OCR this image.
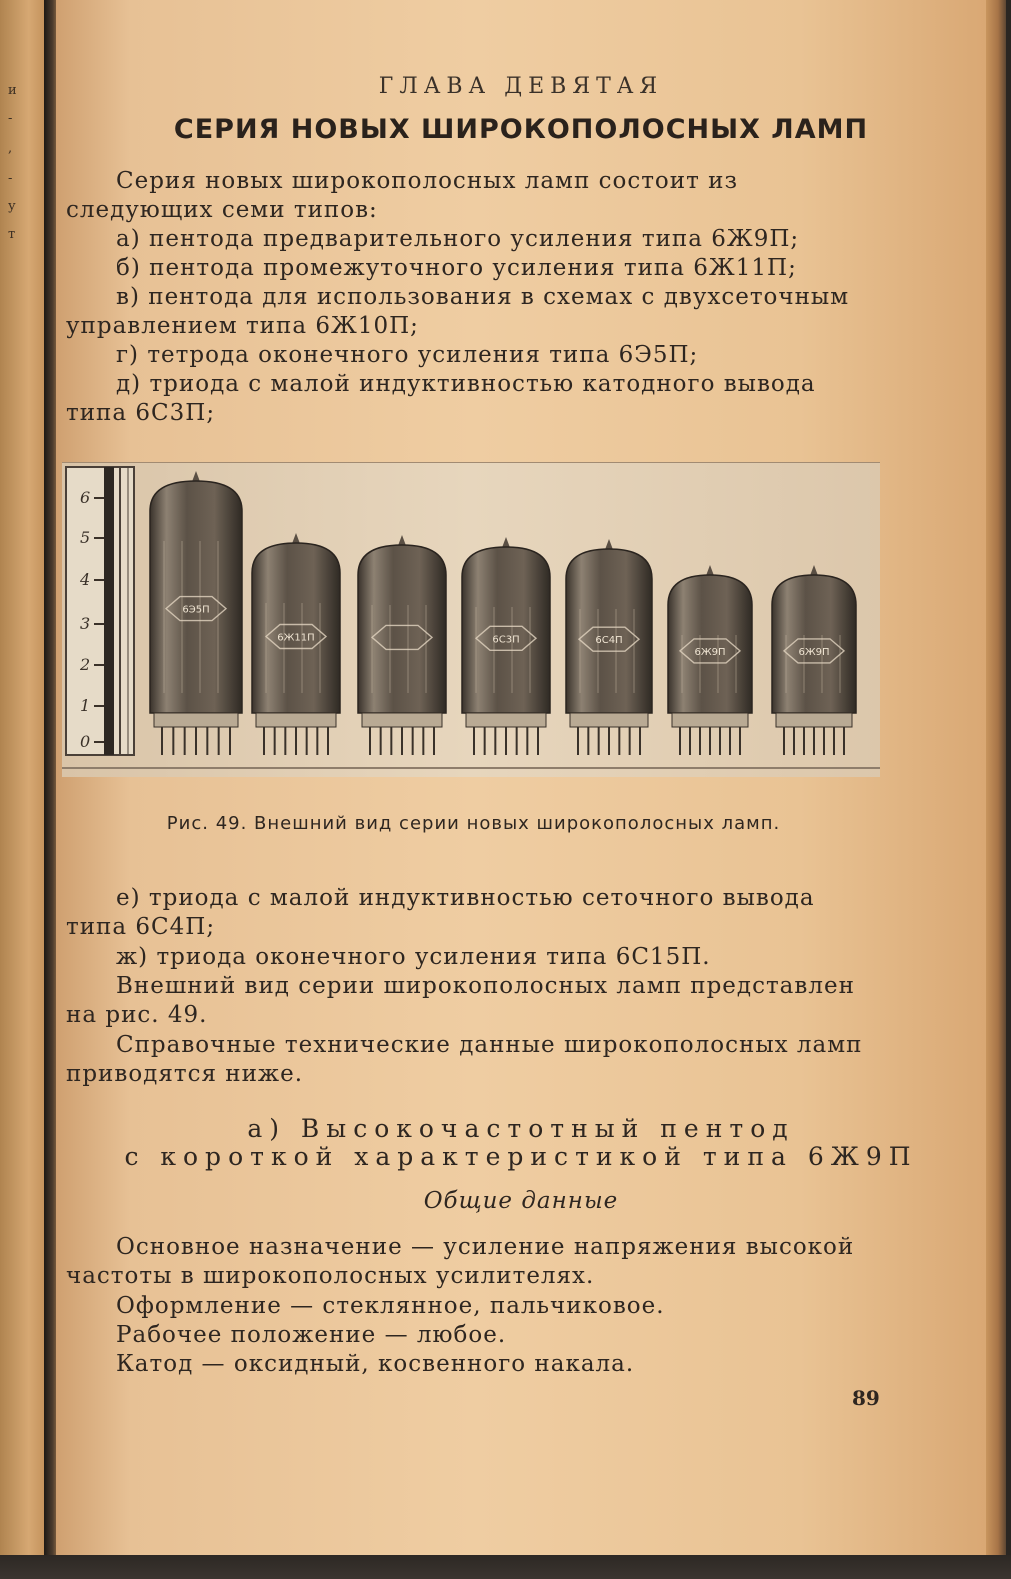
и
-
,
-
у
т
ГЛАВА ДЕВЯТАЯ
СЕРИЯ НОВЫХ ШИРОКОПОЛОСНЫХ ЛАМП

Серия новых широкополосных ламп состоит из следующих семи типов:

а) пентода предварительного усиления типа 6Ж9П;

б) пентода промежуточного усиления типа 6Ж11П;

в) пентода для использования в схемах с двухсеточным управлением типа 6Ж10П;

г) тетрода оконечного усиления типа 6Э5П;

д) триода с малой индуктивностью катодного вывода типа 6С3П;

6
5
4
3
2
1
0
6Э5П
6Ж11П	6С3П	6С4П
6Ж9П	6Ж9П
Рис. 49. Внешний вид серии новых широкополосных ламп.

е) триода с малой индуктивностью сеточного вывода типа 6С4П;

ж) триода оконечного усиления типа 6С15П.

Внешний вид серии широкополосных ламп представлен на рис. 49.

Справочные технические данные широкополосных ламп приводятся ниже.

а) Высокочастотный пентод
с короткой характеристикой типа 6Ж9П
Общие данные

Основное назначение — усиление напряжения высокой частоты в широкополосных усилителях.

Оформление — стеклянное, пальчиковое.

Рабочее положение — любое.

Катод — оксидный, косвенного накала.

89
